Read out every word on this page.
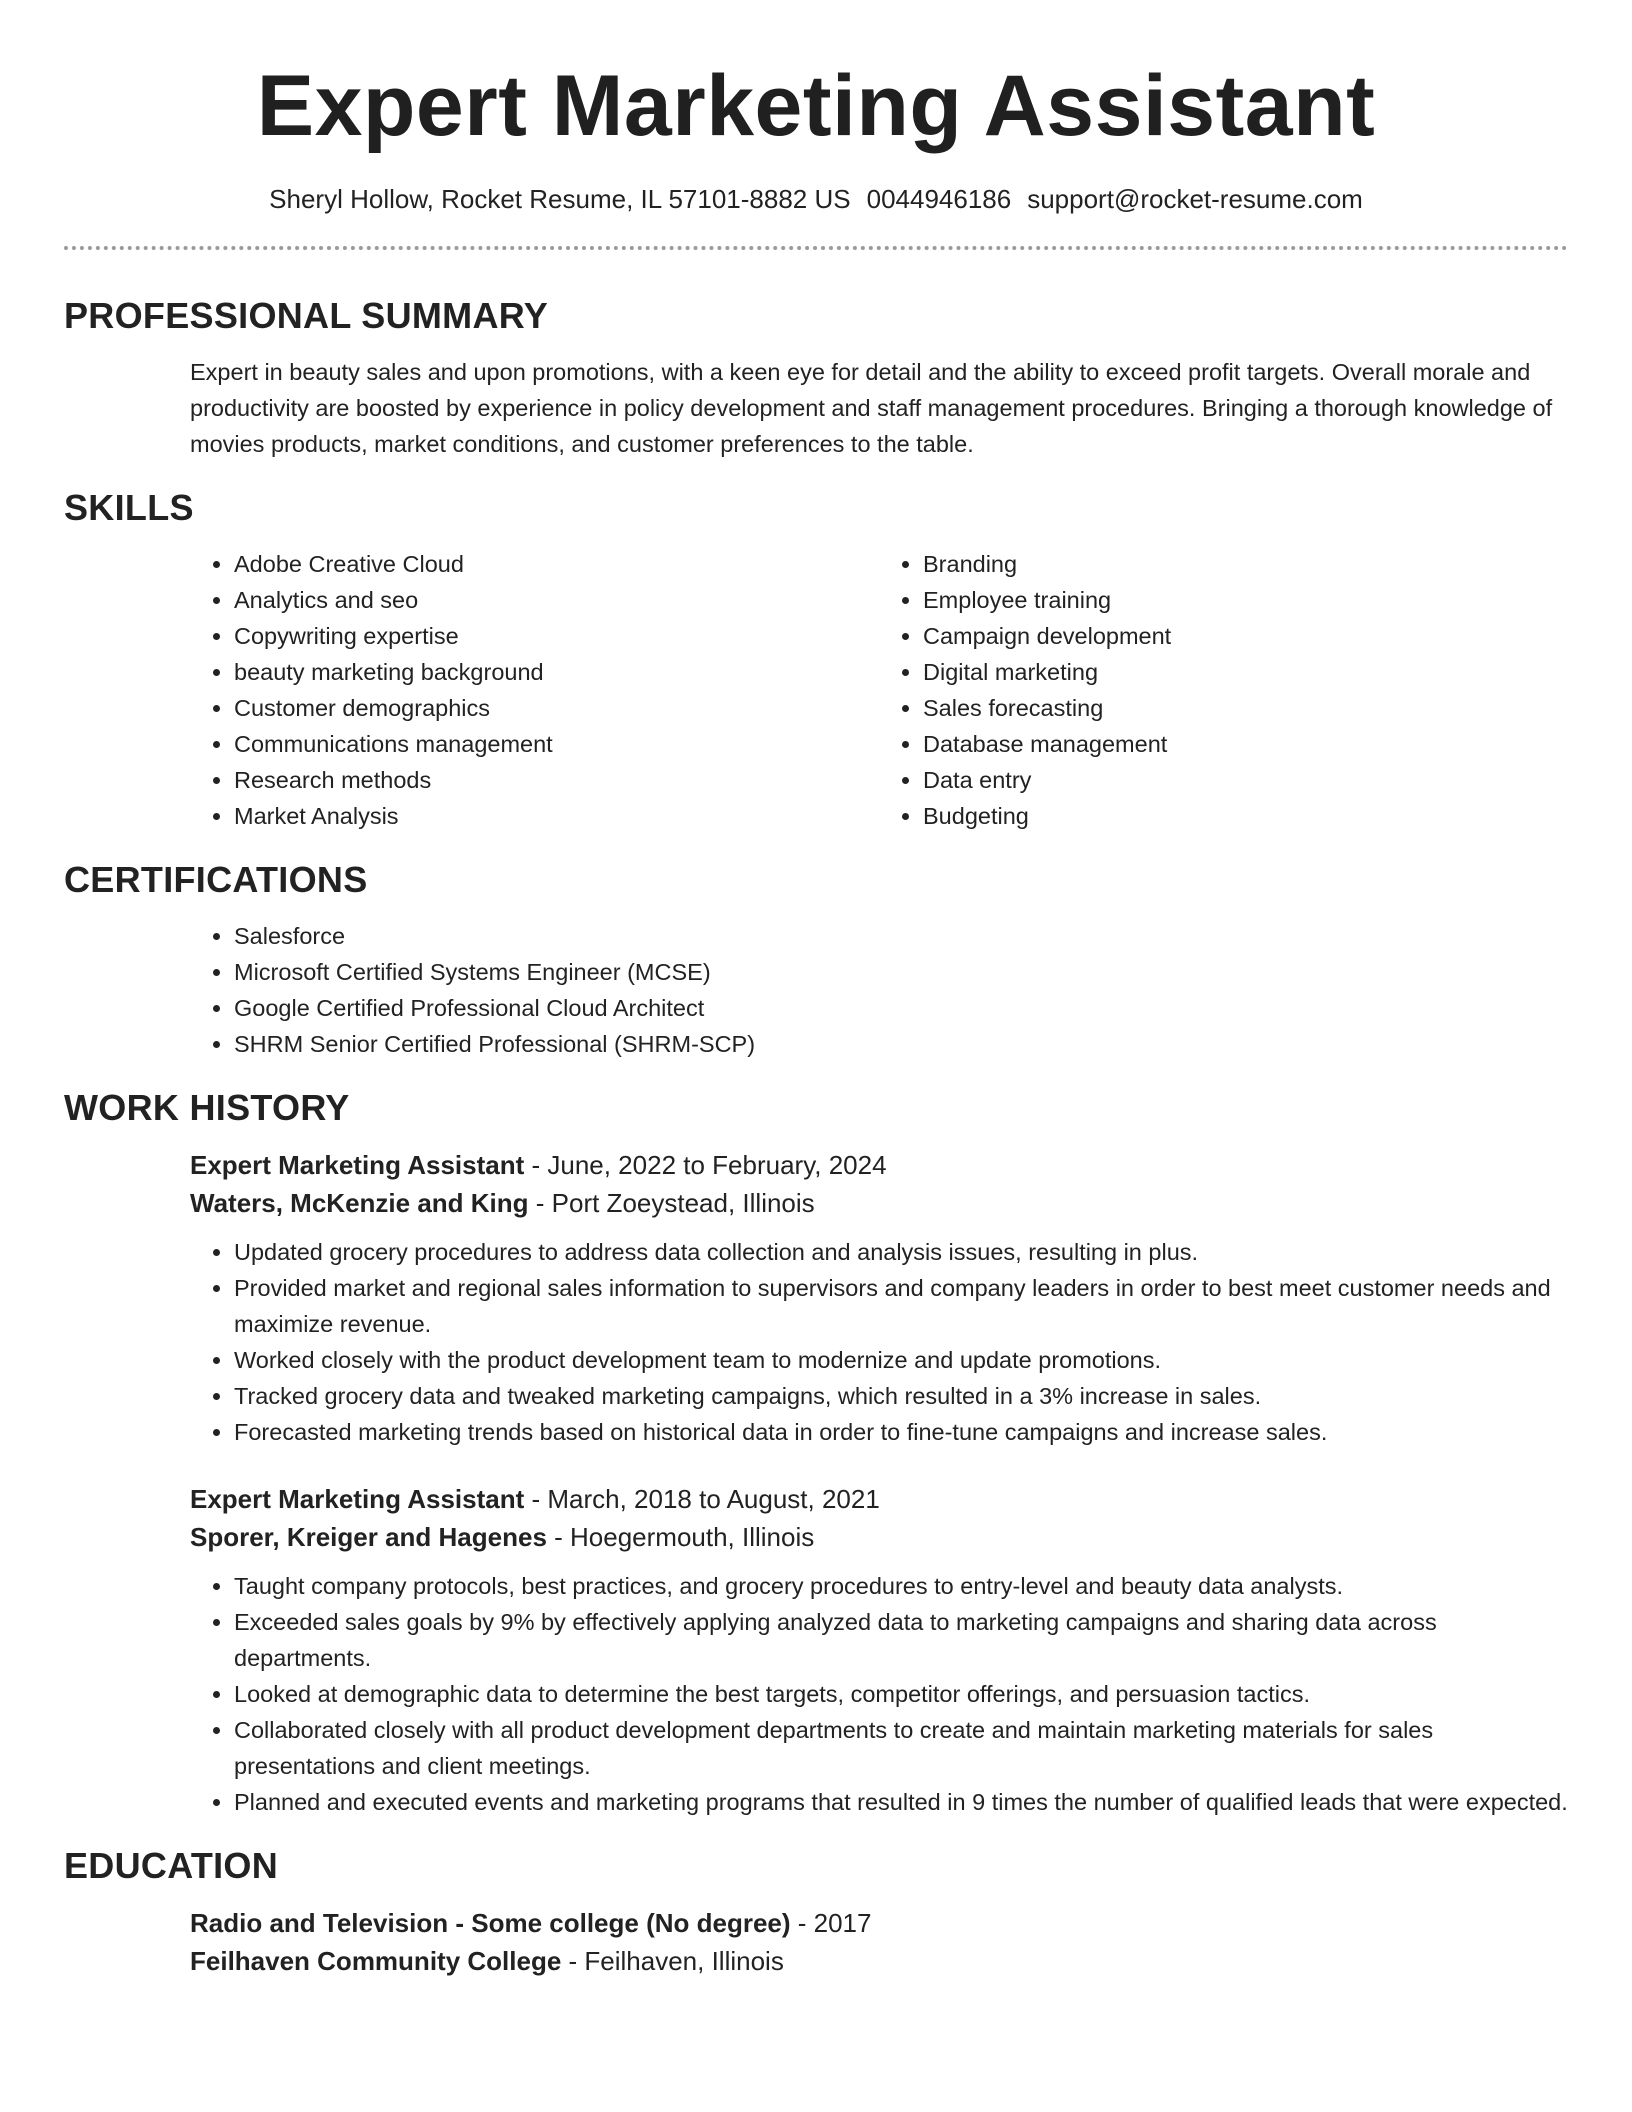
Expert Marketing Assistant
Sheryl Hollow, Rocket Resume, IL 57101-8882 US 0044946186 support@rocket-resume.com
PROFESSIONAL SUMMARY

Expert in beauty sales and upon promotions, with a keen eye for detail and the ability to exceed profit targets. Overall morale and productivity are boosted by experience in policy development and staff management procedures. Bringing a thorough knowledge of movies products, market conditions, and customer preferences to the table.

SKILLS
• Adobe Creative Cloud
• Analytics and seo
• Copywriting expertise
• beauty marketing background
• Customer demographics
• Communications management
• Research methods
• Market Analysis
• Branding
• Employee training
• Campaign development
• Digital marketing
• Sales forecasting
• Database management
• Data entry
• Budgeting
CERTIFICATIONS
• Salesforce
• Microsoft Certified Systems Engineer (MCSE)
• Google Certified Professional Cloud Architect
• SHRM Senior Certified Professional (SHRM-SCP)
WORK HISTORY

Expert Marketing Assistant - June, 2022 to February, 2024

Waters, McKenzie and King - Port Zoeystead, Illinois

• Updated grocery procedures to address data collection and analysis issues, resulting in plus.
• Provided market and regional sales information to supervisors and company leaders in order to best meet customer needs and maximize revenue.
• Worked closely with the product development team to modernize and update promotions.
• Tracked grocery data and tweaked marketing campaigns, which resulted in a 3% increase in sales.
• Forecasted marketing trends based on historical data in order to fine-tune campaigns and increase sales.

Expert Marketing Assistant - March, 2018 to August, 2021

Sporer, Kreiger and Hagenes - Hoegermouth, Illinois

• Taught company protocols, best practices, and grocery procedures to entry-level and beauty data analysts.
• Exceeded sales goals by 9% by effectively applying analyzed data to marketing campaigns and sharing data across departments.
• Looked at demographic data to determine the best targets, competitor offerings, and persuasion tactics.
• Collaborated closely with all product development departments to create and maintain marketing materials for sales presentations and client meetings.
• Planned and executed events and marketing programs that resulted in 9 times the number of qualified leads that were expected.
EDUCATION

Radio and Television - Some college (No degree) - 2017

Feilhaven Community College - Feilhaven, Illinois
